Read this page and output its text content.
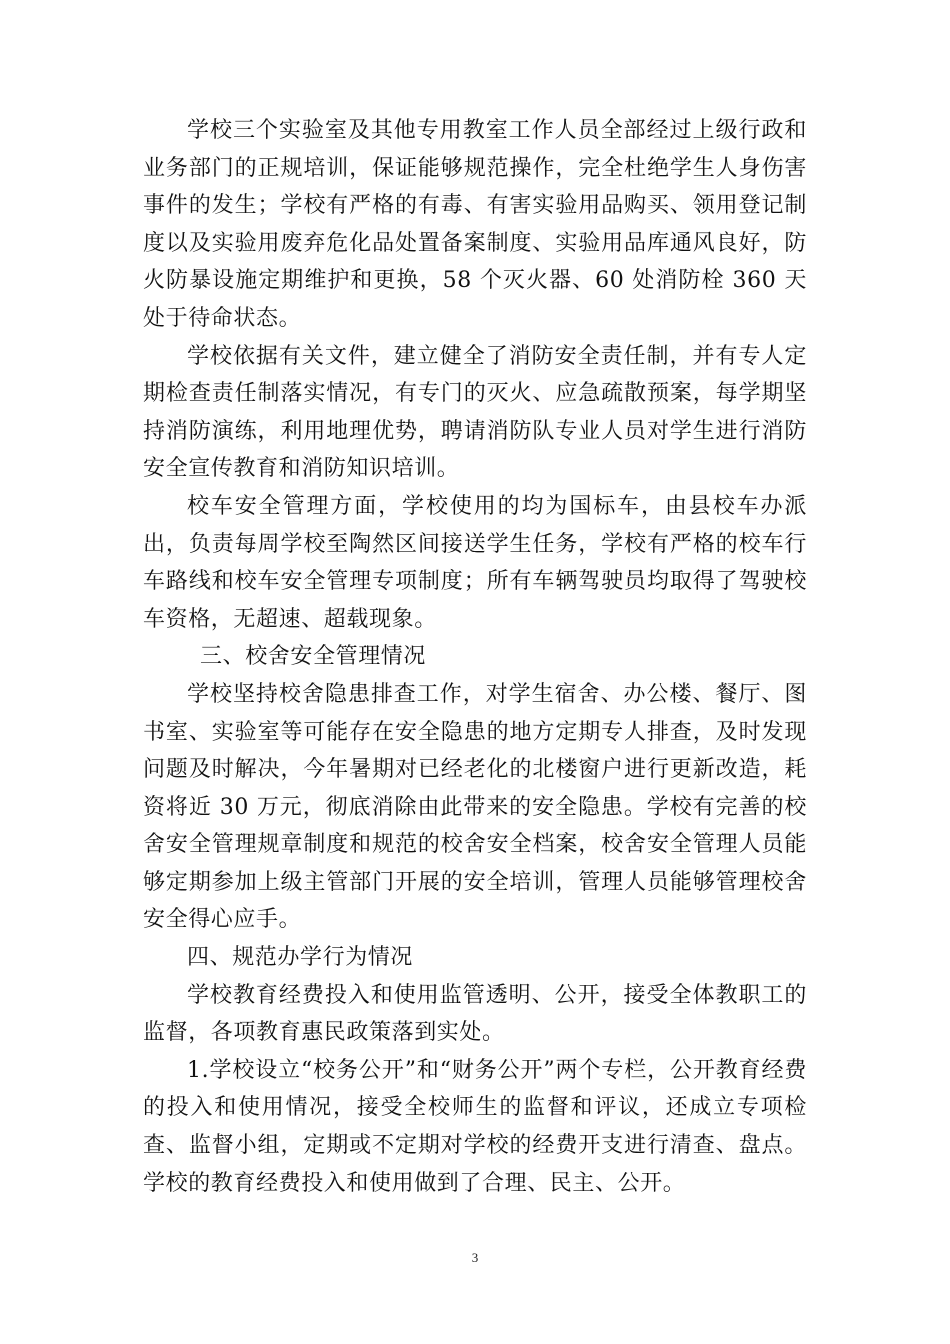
学校三个实验室及其他专用教室工作人员全部经过上级行政和业务部门的正规培训，保证能够规范操作，完全杜绝学生人身伤害事件的发生；学校有严格的有毒、有害实验用品购买、领用登记制度以及实验用废弃危化品处置备案制度、实验用品库通风良好，防火防暴设施定期维护和更换，58 个灭火器、60 处消防栓 360 天处于待命状态。

学校依据有关文件，建立健全了消防安全责任制，并有专人定期检查责任制落实情况，有专门的灭火、应急疏散预案，每学期坚持消防演练，利用地理优势，聘请消防队专业人员对学生进行消防安全宣传教育和消防知识培训。

校车安全管理方面，学校使用的均为国标车，由县校车办派出，负责每周学校至陶然区间接送学生任务，学校有严格的校车行车路线和校车安全管理专项制度；所有车辆驾驶员均取得了驾驶校车资格，无超速、超载现象。

三、校舍安全管理情况

学校坚持校舍隐患排查工作，对学生宿舍、办公楼、餐厅、图书室、实验室等可能存在安全隐患的地方定期专人排查，及时发现问题及时解决，今年暑期对已经老化的北楼窗户进行更新改造，耗资将近 30 万元，彻底消除由此带来的安全隐患。学校有完善的校舍安全管理规章制度和规范的校舍安全档案，校舍安全管理人员能够定期参加上级主管部门开展的安全培训，管理人员能够管理校舍安全得心应手。

四、规范办学行为情况

学校教育经费投入和使用监管透明、公开，接受全体教职工的监督，各项教育惠民政策落到实处。

1.学校设立“校务公开”和“财务公开”两个专栏，公开教育经费的投入和使用情况，接受全校师生的监督和评议，还成立专项检查、监督小组，定期或不定期对学校的经费开支进行清查、盘点。学校的教育经费投入和使用做到了合理、民主、公开。

3
